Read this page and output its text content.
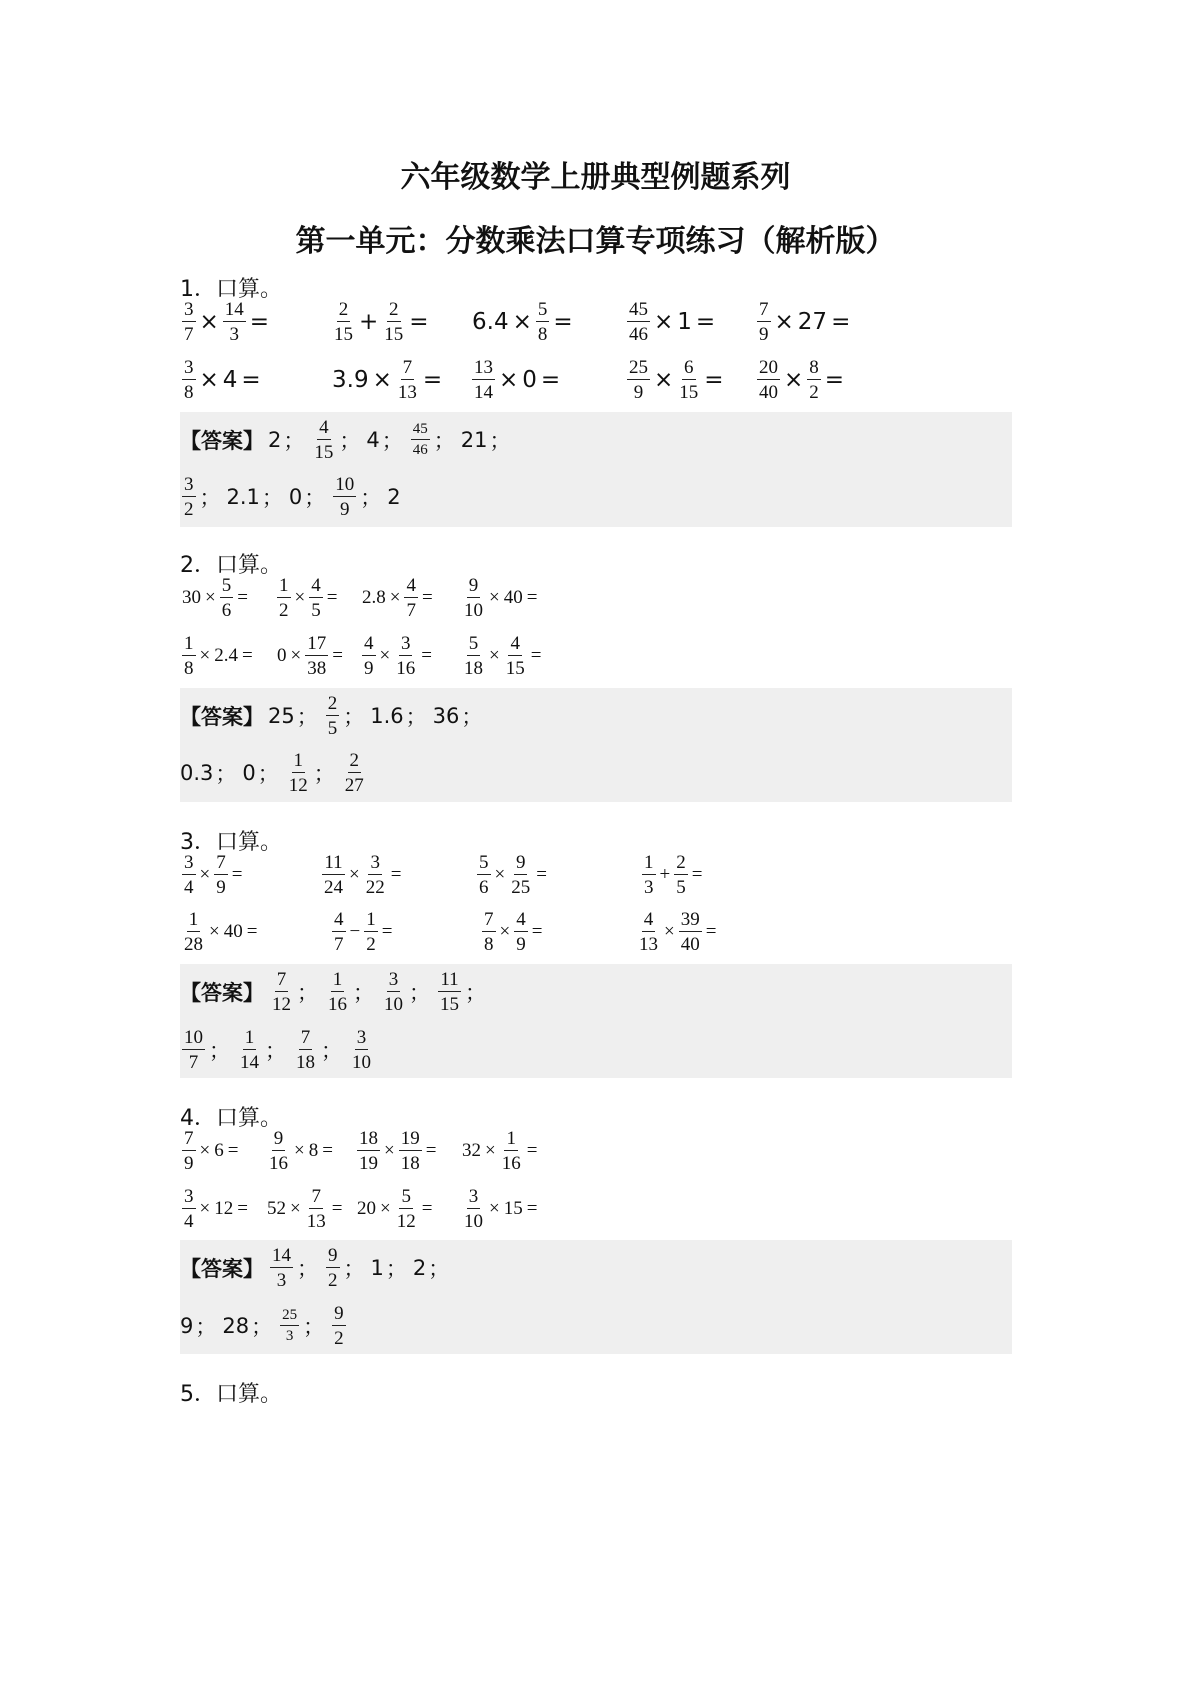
六年级数学上册典型例题系列
第一单元：分数乘法口算专项练习（解析版）
1．口算。
$\frac{3}{7} \times \frac{14}{3}$ =	$\frac{2}{15} + \frac{2}{15} = 6.4 \times \frac{5}{8}$ =	$\frac{45}{46} \times 1 = \frac{7}{9} \times 27$ =
$\frac{3}{8} \times 4$ =	$3.9 \times \frac{7}{13} = \frac{13}{14} \times 0$ =	$\frac{25}{9} \times \frac{6}{15} = \frac{20}{40} \times \frac{8}{2}$ =
【答案】 2 ； $\frac{4}{15}$ ； 4 ； $\frac{45}{46}$ ； 21 ；
$\frac{3}{2}$ ； 2.1 ； 0 ； $\frac{10}{9}$ ； 2
2．口算。
$30 \times \frac{5}{6} = \frac{1}{2} \times \frac{4}{5} = 2.8 \times \frac{4}{7} = \frac{9}{10} \times 40$ =
$\frac{1}{8} \times 2.4 = 0 \times \frac{17}{38} = \frac{4}{9} \times \frac{3}{16} = \frac{5}{18} \times \frac{4}{15}$ =
【答案】 25 ； $\frac{2}{5}$ ； 1.6 ； 36 ；
0.3 ； 0 ； $\frac{1}{12}$ ； $\frac{2}{27}$
3．口算。
$\frac{3}{4} \times \frac{7}{9}$ =	$\frac{11}{24} \times \frac{3}{22}$ =	$\frac{5}{6} \times \frac{9}{25}$ =	$\frac{1}{3} + \frac{2}{5}$ =
$\frac{1}{28} \times 40$ =	$\frac{4}{7} - \frac{1}{2}$ =	$\frac{7}{8} \times \frac{4}{9}$ =	$\frac{4}{13} \times \frac{39}{40}$ =
【答案】 $\frac{7}{12}$ ； $\frac{1}{16}$ ； $\frac{3}{10}$ ； $\frac{11}{15}$ ；
$\frac{10}{7}$ ； $\frac{1}{14}$ ； $\frac{7}{18}$ ； $\frac{3}{10}$
4．口算。
$\frac{7}{9} \times 6 = \frac{9}{16} \times 8 = \frac{18}{19} \times \frac{19}{18} = 32 \times \frac{1}{16}$ =
$\frac{3}{4} \times 12 = 52 \times \frac{7}{13} = 20 \times \frac{5}{12} = \frac{3}{10} \times 15$ =
【答案】 $\frac{14}{3}$ ； $\frac{9}{2}$ ； 1 ； 2 ；
9 ； 28 ； $\frac{25}{3}$ ； $\frac{9}{2}$
5．口算。
